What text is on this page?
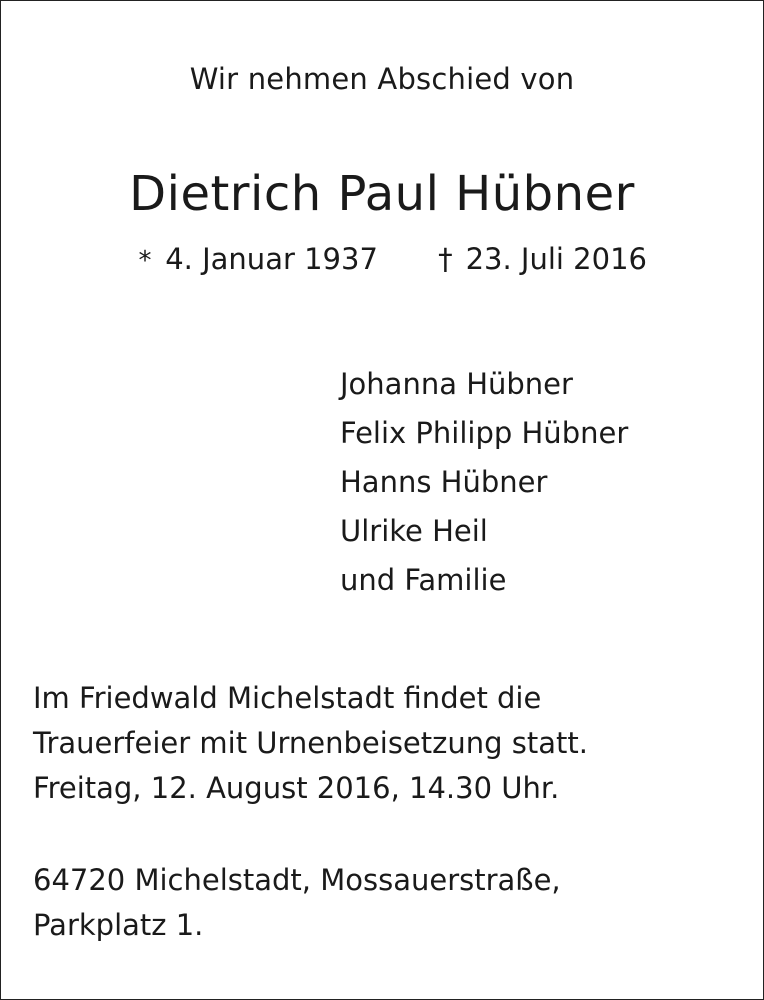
Wir nehmen Abschied von
Dietrich Paul Hübner
* 4. Januar 1937 † 23. Juli 2016
Johanna Hübner
Felix Philipp Hübner
Hanns Hübner
Ulrike Heil
und Familie
Im Friedwald Michelstadt findet die
Trauerfeier mit Urnenbeisetzung statt.
Freitag, 12. August 2016, 14.30 Uhr.
64720 Michelstadt, Mossauerstraße,
Parkplatz 1.
